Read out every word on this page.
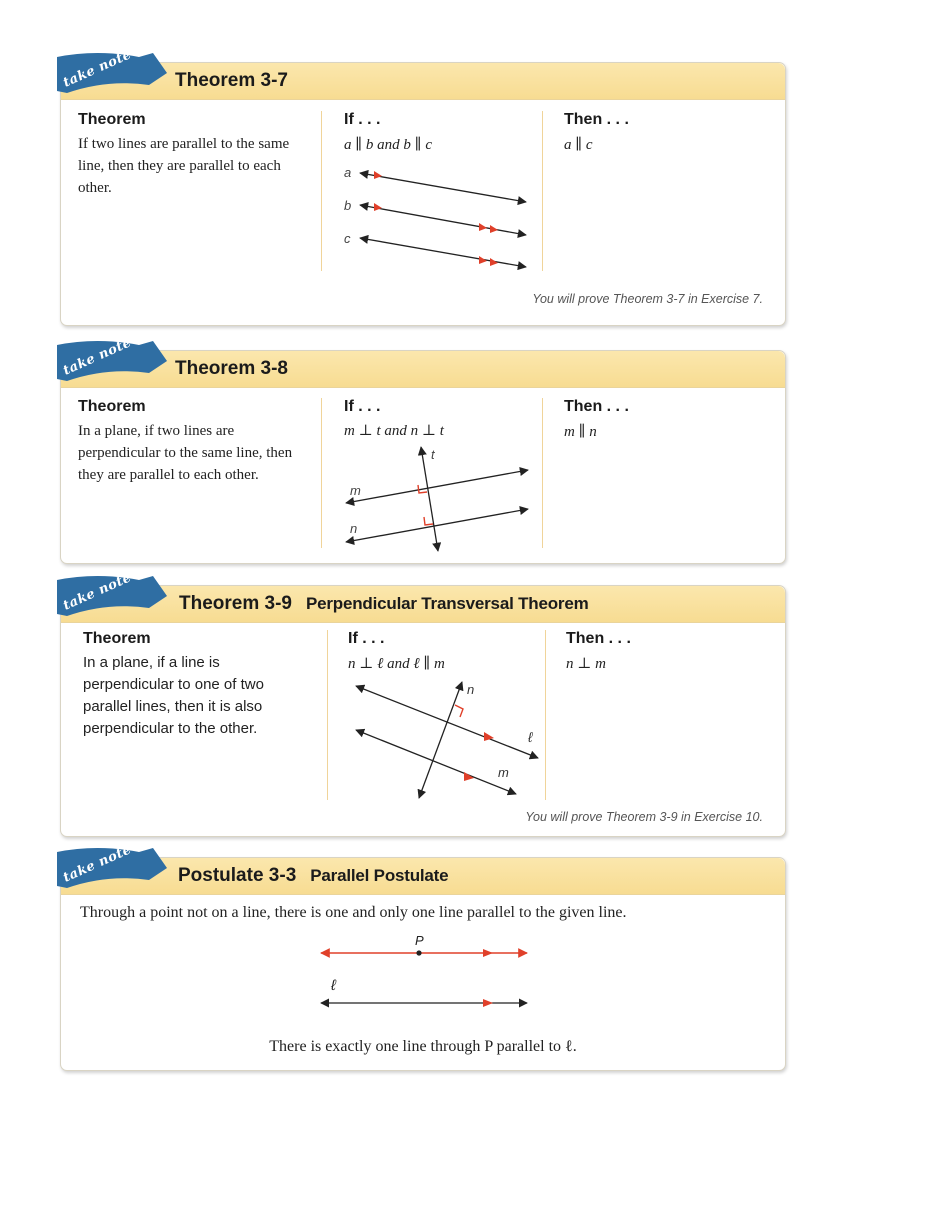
Theorem 3-7
take note
Theorem
If two lines are parallel to the same line, then they are parallel to each other.
If . . .
a ∥ b and b ∥ c
a
b
c
Then . . .
a ∥ c
You will prove Theorem 3-7 in Exercise 7.
Theorem 3-8
take note
Theorem
In a plane, if two lines are perpendicular to the same line, then they are parallel to each other.
If . . .
m ⊥ t and n ⊥ t
t
m
n
Then . . .
m ∥ n
Theorem 3-9 Perpendicular Transversal Theorem
take note
Theorem
In a plane, if a line is perpendicular to one of two parallel lines, then it is also perpendicular to the other.
If . . .
n ⊥ ℓ and ℓ ∥ m
ℓ
m
n
Then . . .
n ⊥ m
You will prove Theorem 3-9 in Exercise 10.
Postulate 3-3 Parallel Postulate
take note
Through a point not on a line, there is one and only one line parallel to the given line.
P
ℓ
There is exactly one line through P parallel to ℓ.
